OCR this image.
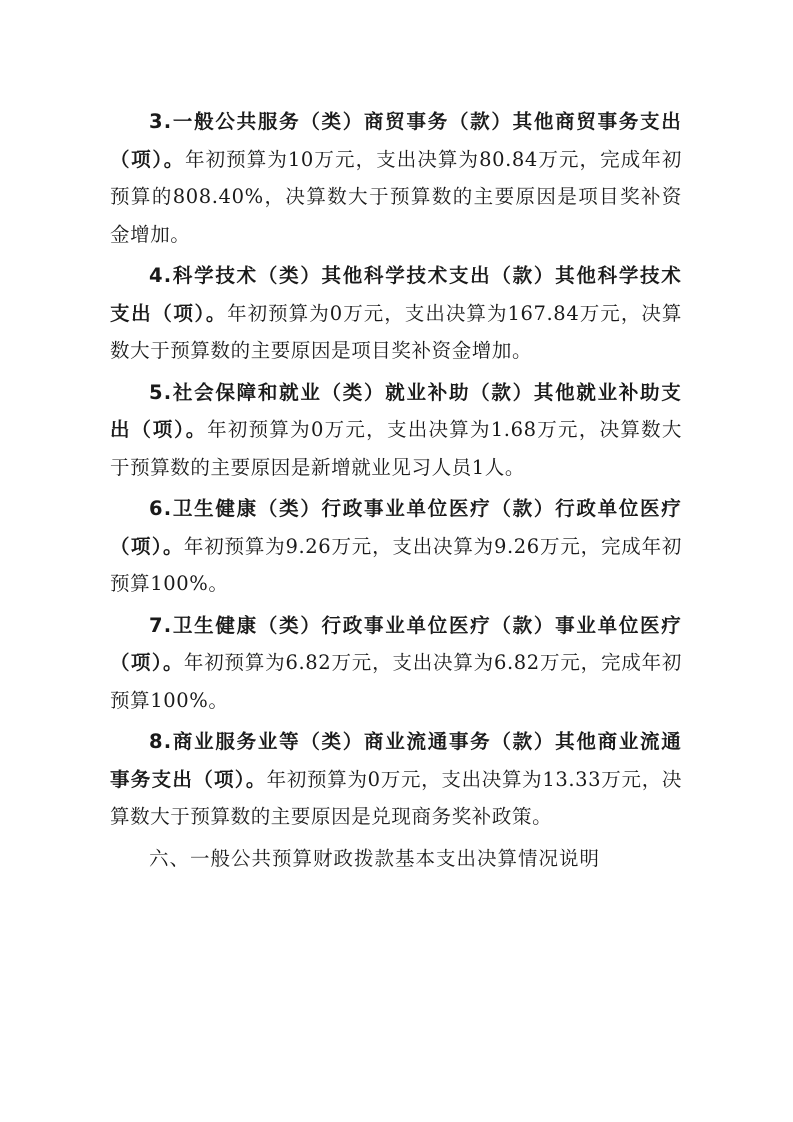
3.一般公共服务（类）商贸事务（款）其他商贸事务支出（项）。年初预算为10万元，支出决算为80.84万元，完成年初预算的808.40%，决算数大于预算数的主要原因是项目奖补资金增加。

4.科学技术（类）其他科学技术支出（款）其他科学技术支出（项）。年初预算为0万元，支出决算为167.84万元，决算数大于预算数的主要原因是项目奖补资金增加。

5.社会保障和就业（类）就业补助（款）其他就业补助支出（项）。年初预算为0万元，支出决算为1.68万元，决算数大于预算数的主要原因是新增就业见习人员1人。

6.卫生健康（类）行政事业单位医疗（款）行政单位医疗（项）。年初预算为9.26万元，支出决算为9.26万元，完成年初预算100%。

7.卫生健康（类）行政事业单位医疗（款）事业单位医疗（项）。年初预算为6.82万元，支出决算为6.82万元，完成年初预算100%。

8.商业服务业等（类）商业流通事务（款）其他商业流通事务支出（项）。年初预算为0万元，支出决算为13.33万元，决算数大于预算数的主要原因是兑现商务奖补政策。

六、一般公共预算财政拨款基本支出决算情况说明
